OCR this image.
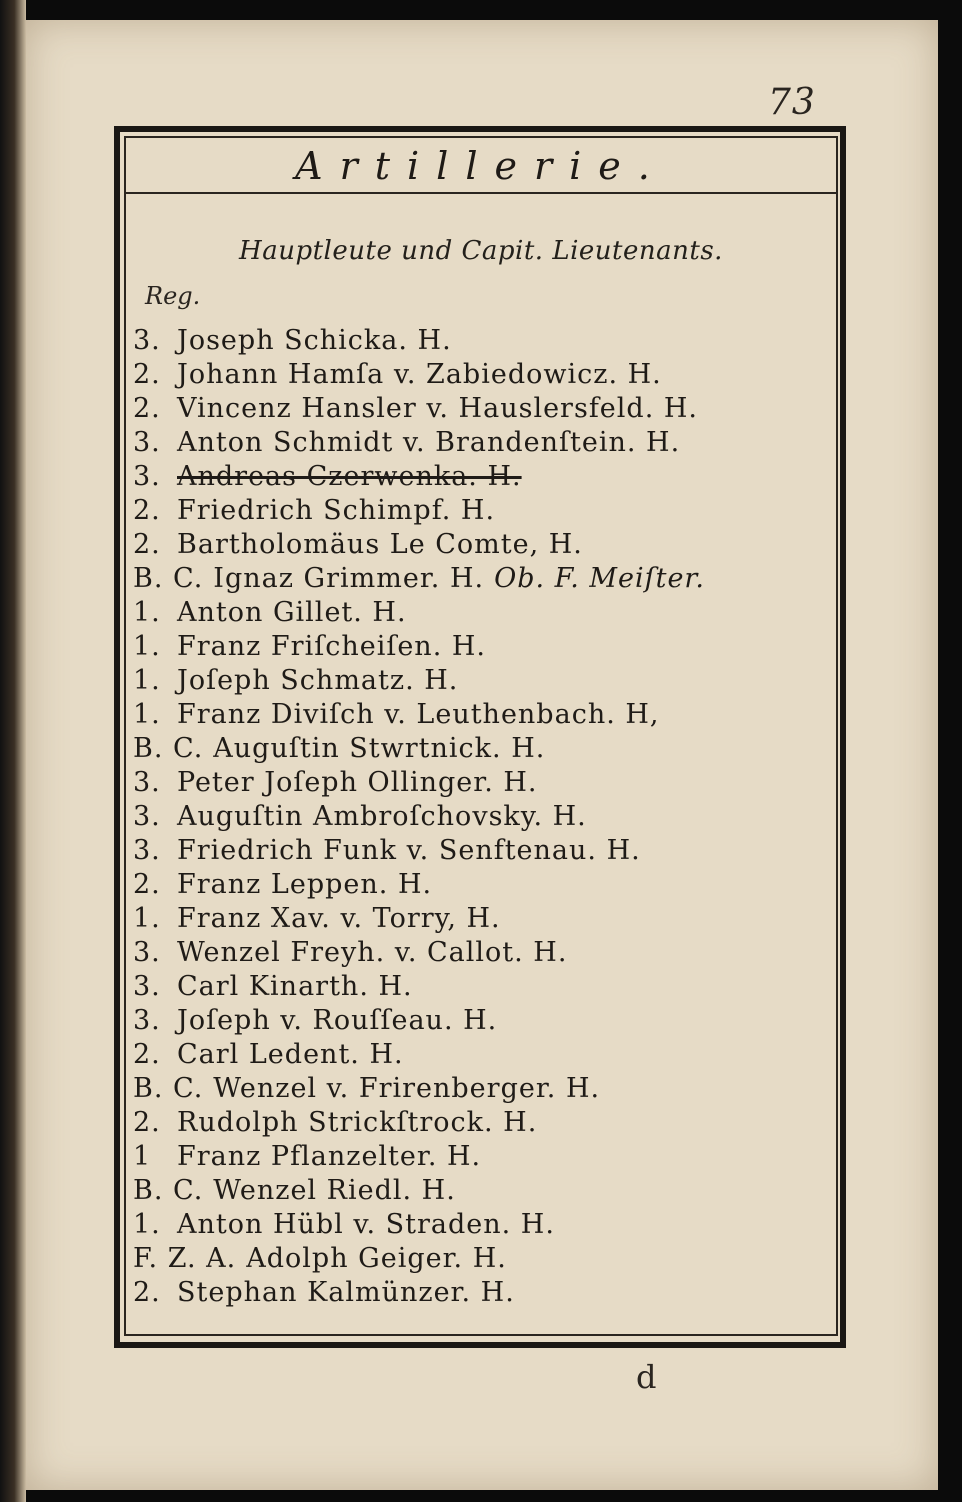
73
Artillerie.
Hauptleute und Capit. Lieutenants.
Reg.
3. Joseph Schicka. H.
2. Johann Hamſa v. Zabiedowicz. H.
2. Vincenz Hansler v. Hauslersfeld. H.
3. Anton Schmidt v. Brandenſtein. H.
3. Andreas Czerwenka. H.
2. Friedrich Schimpf. H.
2. Bartholomäus Le Comte, H.
B. C. Ignaz Grimmer. H. Ob. F. Meiſter.
1. Anton Gillet. H.
1. Franz Friſcheiſen. H.
1. Joſeph Schmatz. H.
1. Franz Diviſch v. Leuthenbach. H,
B. C. Auguſtin Stwrtnick. H.
3. Peter Joſeph Ollinger. H.
3. Auguſtin Ambroſchovsky. H.
3. Friedrich Funk v. Senftenau. H.
2. Franz Leppen. H.
1. Franz Xav. v. Torry, H.
3. Wenzel Freyh. v. Callot. H.
3. Carl Kinarth. H.
3. Joſeph v. Rouſſeau. H.
2. Carl Ledent. H.
B. C. Wenzel v. Frirenberger. H.
2. Rudolph Strickſtrock. H.
1 Franz Pflanzelter. H.
B. C. Wenzel Riedl. H.
1. Anton Hübl v. Straden. H.
F. Z. A. Adolph Geiger. H.
2. Stephan Kalmünzer. H.
d
